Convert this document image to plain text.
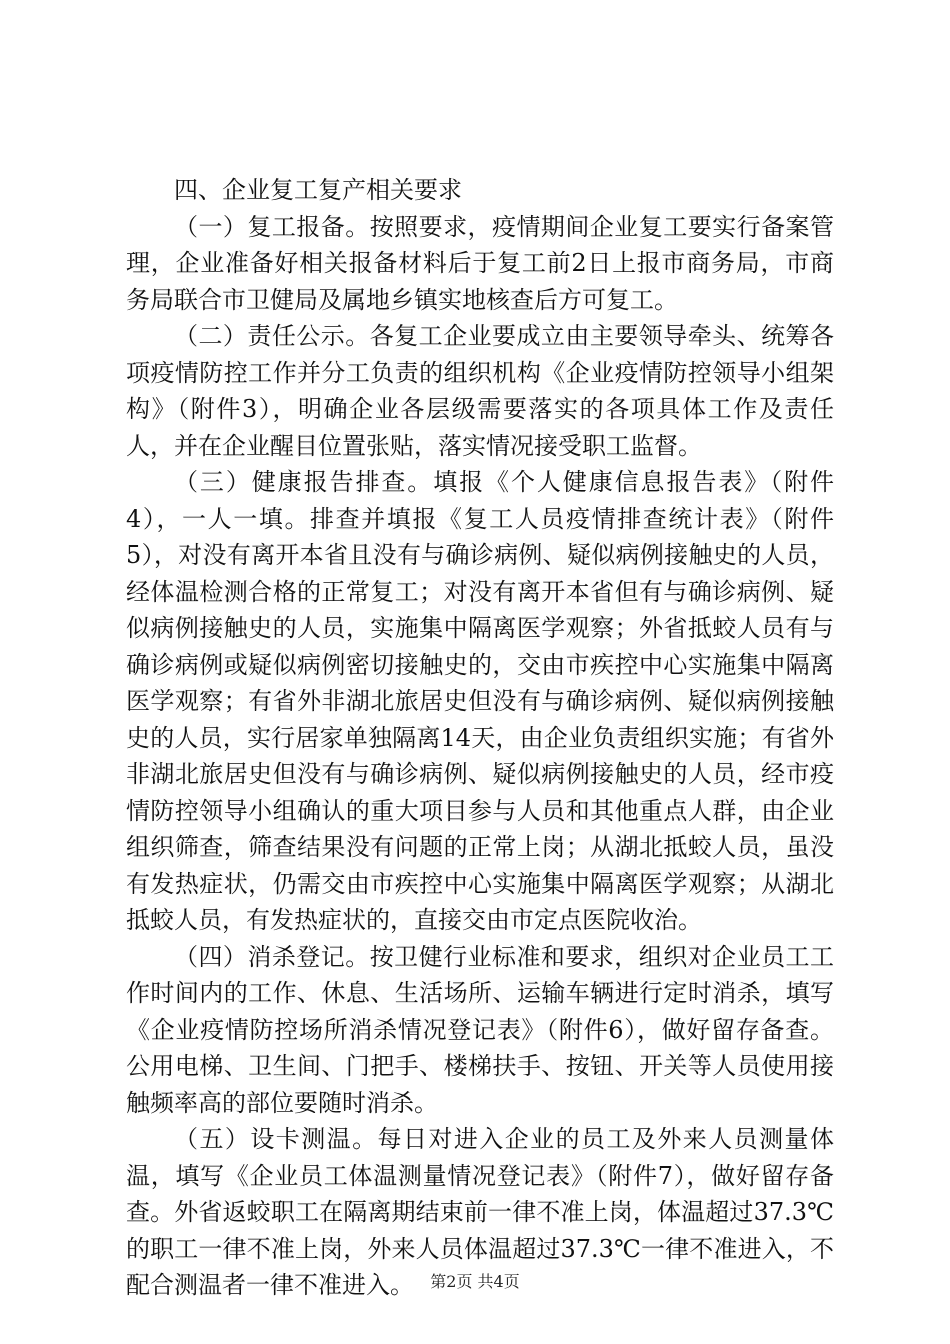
四、企业复工复产相关要求

（一）复工报备。按照要求，疫情期间企业复工要实行备案管理，企业准备好相关报备材料后于复工前2日上报市商务局，市商务局联合市卫健局及属地乡镇实地核查后方可复工。

（二）责任公示。各复工企业要成立由主要领导牵头、统筹各项疫情防控工作并分工负责的组织机构《企业疫情防控领导小组架构》（附件3），明确企业各层级需要落实的各项具体工作及责任人，并在企业醒目位置张贴，落实情况接受职工监督。

（三）健康报告排查。填报《个人健康信息报告表》（附件4），一人一填。排查并填报《复工人员疫情排查统计表》（附件5），对没有离开本省且没有与确诊病例、疑似病例接触史的人员，经体温检测合格的正常复工；对没有离开本省但有与确诊病例、疑似病例接触史的人员，实施集中隔离医学观察；外省抵蛟人员有与确诊病例或疑似病例密切接触史的，交由市疾控中心实施集中隔离医学观察；有省外非湖北旅居史但没有与确诊病例、疑似病例接触史的人员，实行居家单独隔离14天，由企业负责组织实施；有省外非湖北旅居史但没有与确诊病例、疑似病例接触史的人员，经市疫情防控领导小组确认的重大项目参与人员和其他重点人群，由企业组织筛查，筛查结果没有问题的正常上岗；从湖北抵蛟人员，虽没有发热症状，仍需交由市疾控中心实施集中隔离医学观察；从湖北抵蛟人员，有发热症状的，直接交由市定点医院收治。

（四）消杀登记。按卫健行业标准和要求，组织对企业员工工作时间内的工作、休息、生活场所、运输车辆进行定时消杀，填写《企业疫情防控场所消杀情况登记表》（附件6），做好留存备查。公用电梯、卫生间、门把手、楼梯扶手、按钮、开关等人员使用接触频率高的部位要随时消杀。

（五）设卡测温。每日对进入企业的员工及外来人员测量体温，填写《企业员工体温测量情况登记表》（附件7），做好留存备查。外省返蛟职工在隔离期结束前一律不准上岗，体温超过37.3℃的职工一律不准上岗，外来人员体温超过37.3℃一律不准进入，不配合测温者一律不准进入。	第2页 共4页
